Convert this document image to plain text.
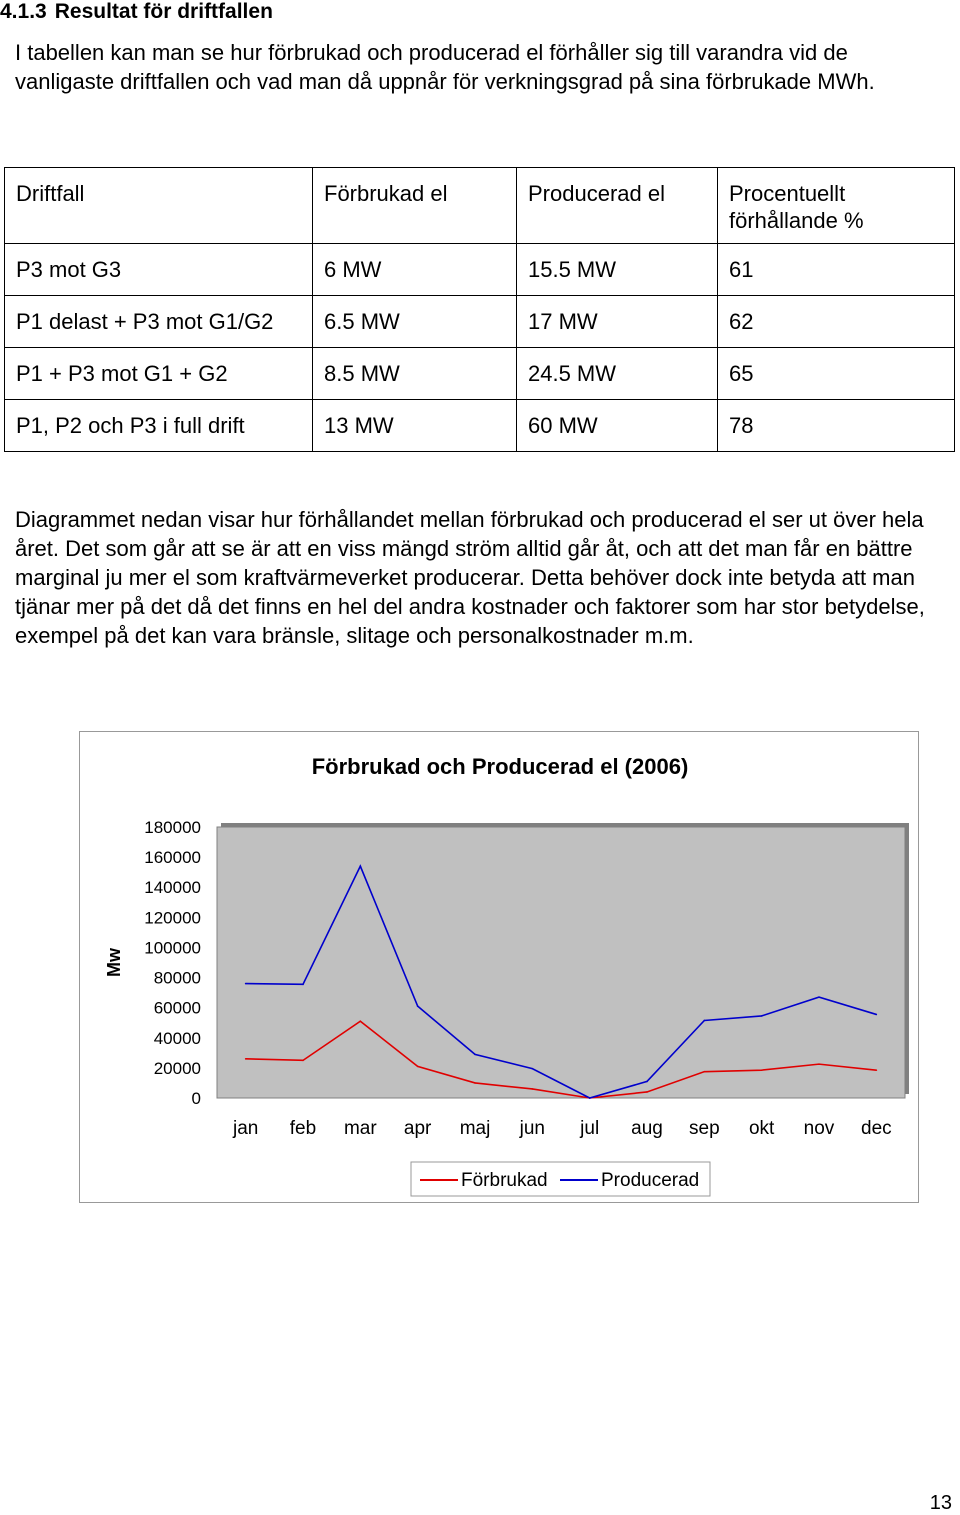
4.1.3 Resultat för driftfallen

I tabellen kan man se hur förbrukad och producerad el förhåller sig till varandra vid de vanligaste driftfallen och vad man då uppnår för verkningsgrad på sina förbrukade MWh.

Driftfall	Förbrukad el	Producerad el	Procentuellt förhållande %
P3 mot G3	6 MW	15.5 MW	61
P1 delast + P3 mot G1/G2	6.5 MW	17 MW	62
P1 + P3 mot G1 + G2	8.5 MW	24.5 MW	65
P1, P2 och P3 i full drift	13 MW	60 MW	78

Diagrammet nedan visar hur förhållandet mellan förbrukad och producerad el ser ut över hela året. Det som går att se är att en viss mängd ström alltid går åt, och att det man får en bättre marginal ju mer el som kraftvärmeverket producerar. Detta behöver dock inte betyda att man tjänar mer på det då det finns en hel del andra kostnader och faktorer som har stor betydelse, exempel på det kan vara bränsle, slitage och personalkostnader m.m.

Förbrukad och Producerad el (2006)
0
20000
40000
60000
80000
100000
120000
140000
160000
180000
Mw
jan feb mar apr maj jun jul aug sep okt nov dec
Förbrukad	Producerad
13
